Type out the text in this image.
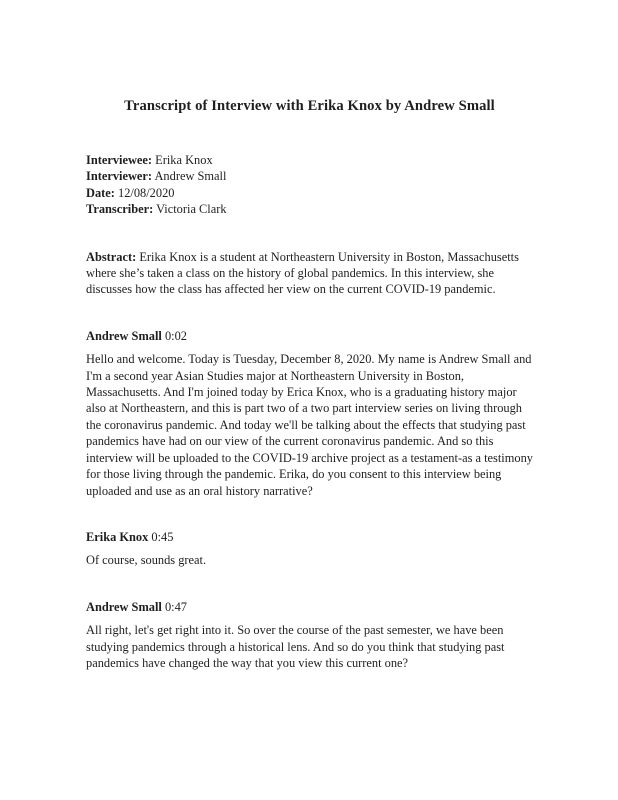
Transcript of Interview with Erika Knox by Andrew Small

Interviewee: Erika Knox

Interviewer: Andrew Small

Date: 12/08/2020

Transcriber: Victoria Clark

Abstract: Erika Knox is a student at Northeastern University in Boston, Massachusetts where she’s taken a class on the history of global pandemics. In this interview, she discusses how the class has affected her view on the current COVID-19 pandemic.

Andrew Small 0:02

Hello and welcome. Today is Tuesday, December 8, 2020. My name is Andrew Small and I'm a second year Asian Studies major at Northeastern University in Boston, Massachusetts. And I'm joined today by Erica Knox, who is a graduating history major also at Northeastern, and this is part two of a two part interview series on living through the coronavirus pandemic. And today we'll be talking about the effects that studying past pandemics have had on our view of the current coronavirus pandemic. And so this interview will be uploaded to the COVID-19 archive project as a testament-as a testimony for those living through the pandemic. Erika, do you consent to this interview being uploaded and use as an oral history narrative?

Erika Knox 0:45

Of course, sounds great.

Andrew Small 0:47

All right, let's get right into it. So over the course of the past semester, we have been studying pandemics through a historical lens. And so do you think that studying past pandemics have changed the way that you view this current one?
